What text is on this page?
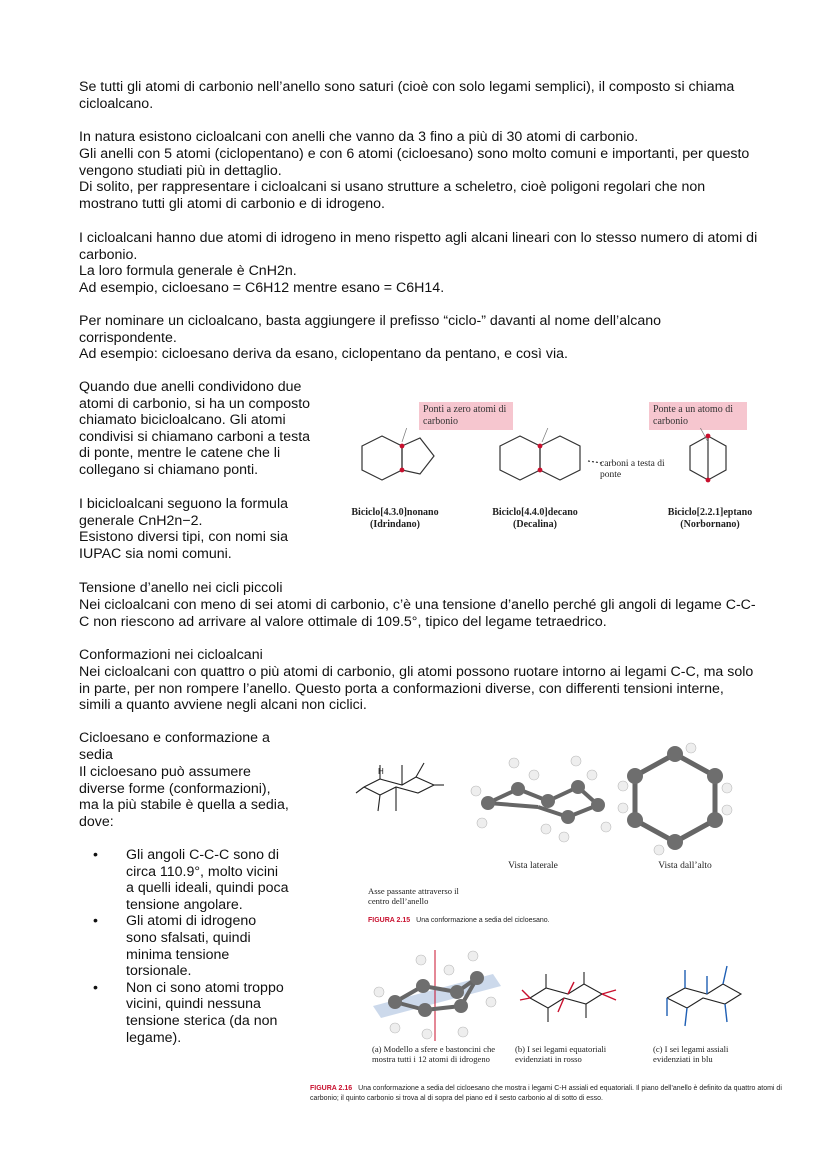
Se tutti gli atomi di carbonio nell’anello sono saturi (cioè con solo legami semplici), il composto si chiama cicloalcano.

In natura esistono cicloalcani con anelli che vanno da 3 fino a più di 30 atomi di carbonio.

Gli anelli con 5 atomi (ciclopentano) e con 6 atomi (cicloesano) sono molto comuni e importanti, per questo vengono studiati più in dettaglio.

Di solito, per rappresentare i cicloalcani si usano strutture a scheletro, cioè poligoni regolari che non mostrano tutti gli atomi di carbonio e di idrogeno.

I cicloalcani hanno due atomi di idrogeno in meno rispetto agli alcani lineari con lo stesso numero di atomi di carbonio.

La loro formula generale è CnH2n.

Ad esempio, cicloesano = C6H12 mentre esano = C6H14.

Per nominare un cicloalcano, basta aggiungere il prefisso “ciclo-” davanti al nome dell’alcano corrispondente.

Ad esempio: cicloesano deriva da esano, ciclopentano da pentano, e così via.

Quando due anelli condividono due atomi di carbonio, si ha un composto chiamato bicicloalcano. Gli atomi condivisi si chiamano carboni a testa di ponte, mentre le catene che li collegano si chiamano ponti.

I bicicloalcani seguono la formula generale CnH2n−2.

Esistono diversi tipi, con nomi sia IUPAC sia nomi comuni.

Tensione d’anello nei cicli piccoli

Nei cicloalcani con meno di sei atomi di carbonio, c’è una tensione d’anello perché gli angoli di legame C-C-C non riescono ad arrivare al valore ottimale di 109.5°, tipico del legame tetraedrico.

Conformazioni nei cicloalcani

Nei cicloalcani con quattro o più atomi di carbonio, gli atomi possono ruotare intorno ai legami C-C, ma solo in parte, per non rompere l’anello. Questo porta a conformazioni diverse, con differenti tensioni interne, simili a quanto avviene negli alcani non ciclici.

Cicloesano e conformazione a sedia

Il cicloesano può assumere diverse forme (conformazioni), ma la più stabile è quella a sedia, dove:

• Gli angoli C-C-C sono di circa 110.9°, molto vicini a quelli ideali, quindi poca tensione angolare.
• Gli atomi di idrogeno sono sfalsati, quindi minima tensione torsionale.
• Non ci sono atomi troppo vicini, quindi nessuna tensione sterica (da non legame).
Ponti a zero atomi di carbonio
Ponte a un atomo di carbonio
carboni a testa di ponte
Biciclo[4.3.0]nonano
(Idrindano)
Biciclo[4.4.0]decano
(Decalina)
Biciclo[2.2.1]eptano
(Norbornano)
H
Vista laterale	Vista dall’alto
Asse passante attraverso il centro dell’anello
FIGURA 2.15 Una conformazione a sedia del cicloesano.
(a) Modello a sfere e bastoncini che mostra tutti i 12 atomi di idrogeno
(b) I sei legami equatoriali evidenziati in rosso
(c) I sei legami assiali evidenziati in blu
FIGURA 2.16 Una conformazione a sedia del cicloesano che mostra i legami C-H assiali ed equatoriali. Il piano dell’anello è definito da quattro atomi di carbonio; il quinto carbonio si trova al di sopra del piano ed il sesto carbonio al di sotto di esso.
